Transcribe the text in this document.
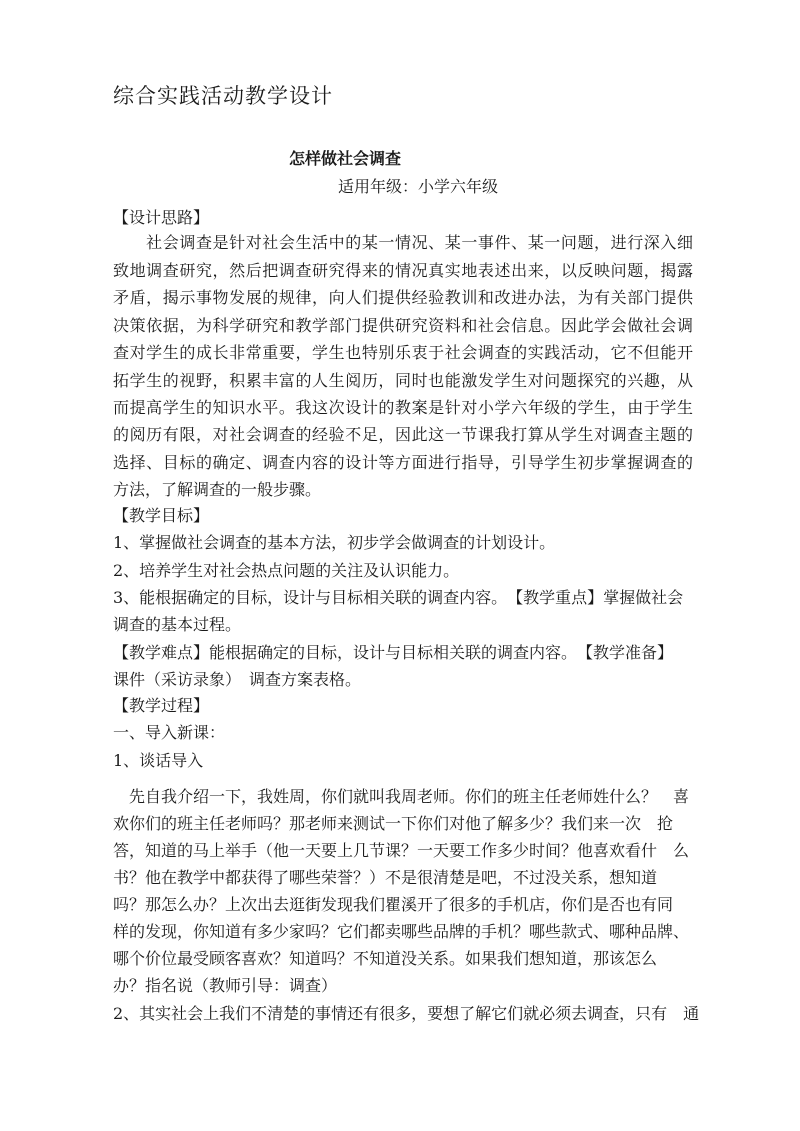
综合实践活动教学设计
怎样做社会调查
适用年级：小学六年级
【设计思路】
　　社会调查是针对社会生活中的某一情况、某一事件、某一问题，进行深入细
致地调查研究，然后把调查研究得来的情况真实地表述出来，以反映问题，揭露
矛盾，揭示事物发展的规律，向人们提供经验教训和改进办法，为有关部门提供
决策依据，为科学研究和教学部门提供研究资料和社会信息。因此学会做社会调
查对学生的成长非常重要，学生也特别乐衷于社会调查的实践活动，它不但能开
拓学生的视野，积累丰富的人生阅历，同时也能激发学生对问题探究的兴趣，从
而提高学生的知识水平。我这次设计的教案是针对小学六年级的学生，由于学生
的阅历有限，对社会调查的经验不足，因此这一节课我打算从学生对调查主题的
选择、目标的确定、调查内容的设计等方面进行指导，引导学生初步掌握调查的
方法，了解调查的一般步骤。
【教学目标】
1、掌握做社会调查的基本方法，初步学会做调查的计划设计。
2、培养学生对社会热点问题的关注及认识能力。
3、能根据确定的目标，设计与目标相关联的调查内容。　【教学重点】掌握做社会
调查的基本过程。
【教学难点】能根据确定的目标，设计与目标相关联的调查内容。　【教学准备】
课件（采访录象）　调查方案表格。
【教学过程】
一、导入新课：
1、谈话导入
　先自我介绍一下，我姓周，你们就叫我周老师。你们的班主任老师姓什么？　喜
欢你们的班主任老师吗？那老师来测试一下你们对他了解多少？我们来一次　抢
答，知道的马上举手（他一天要上几节课？一天要工作多少时间？他喜欢看什　么
书？他在教学中都获得了哪些荣誉？）不是很清楚是吧，不过没关系，想知道
吗？那怎么办？上次出去逛街发现我们瞿溪开了很多的手机店，你们是否也有同
样的发现，你知道有多少家吗？它们都卖哪些品牌的手机？哪些款式、哪种品牌、
哪个价位最受顾客喜欢？知道吗？不知道没关系。如果我们想知道，那该怎么
办？指名说（教师引导：调查）
2、其实社会上我们不清楚的事情还有很多，要想了解它们就必须去调查，只有　通
